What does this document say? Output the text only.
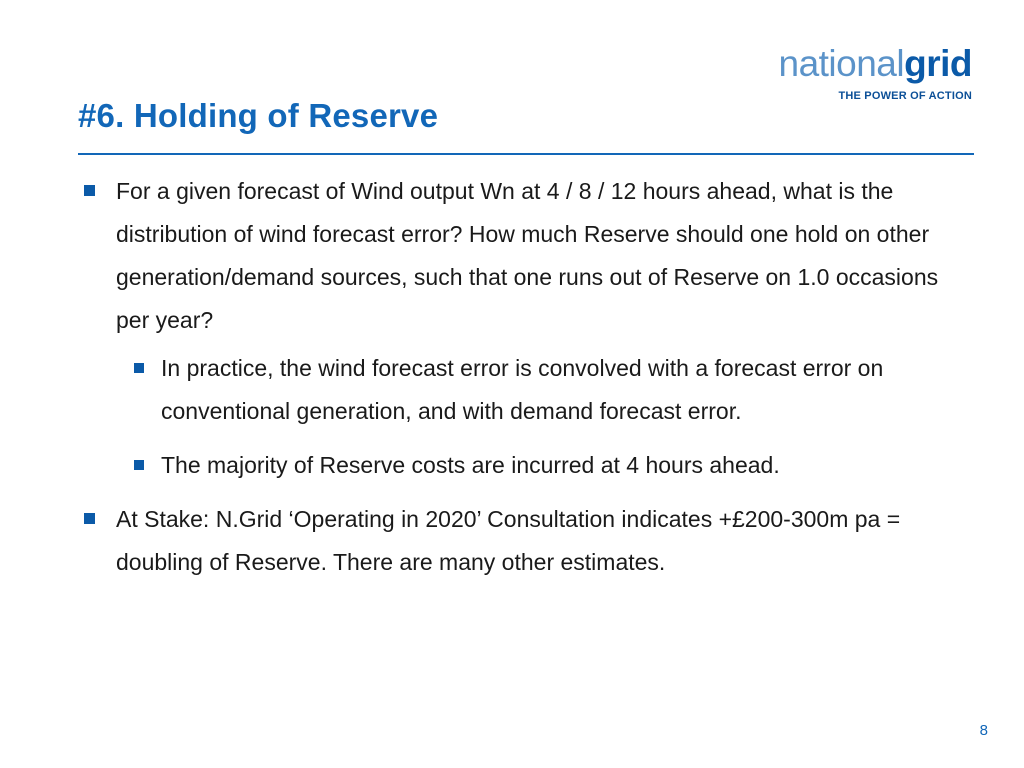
nationalgrid
THE POWER OF ACTION
#6. Holding of Reserve
For a given forecast of Wind output Wn at 4 / 8 / 12 hours ahead, what is the distribution of wind forecast error? How much Reserve should one hold on other generation/demand sources, such that one runs out of Reserve on 1.0 occasions per year?
In practice, the wind forecast error is convolved with a forecast error on conventional generation, and with demand forecast error.
The majority of Reserve costs are incurred at 4 hours ahead.
At Stake: N.Grid ‘Operating in 2020’ Consultation indicates +£200-300m pa = doubling of Reserve. There are many other estimates.
8
